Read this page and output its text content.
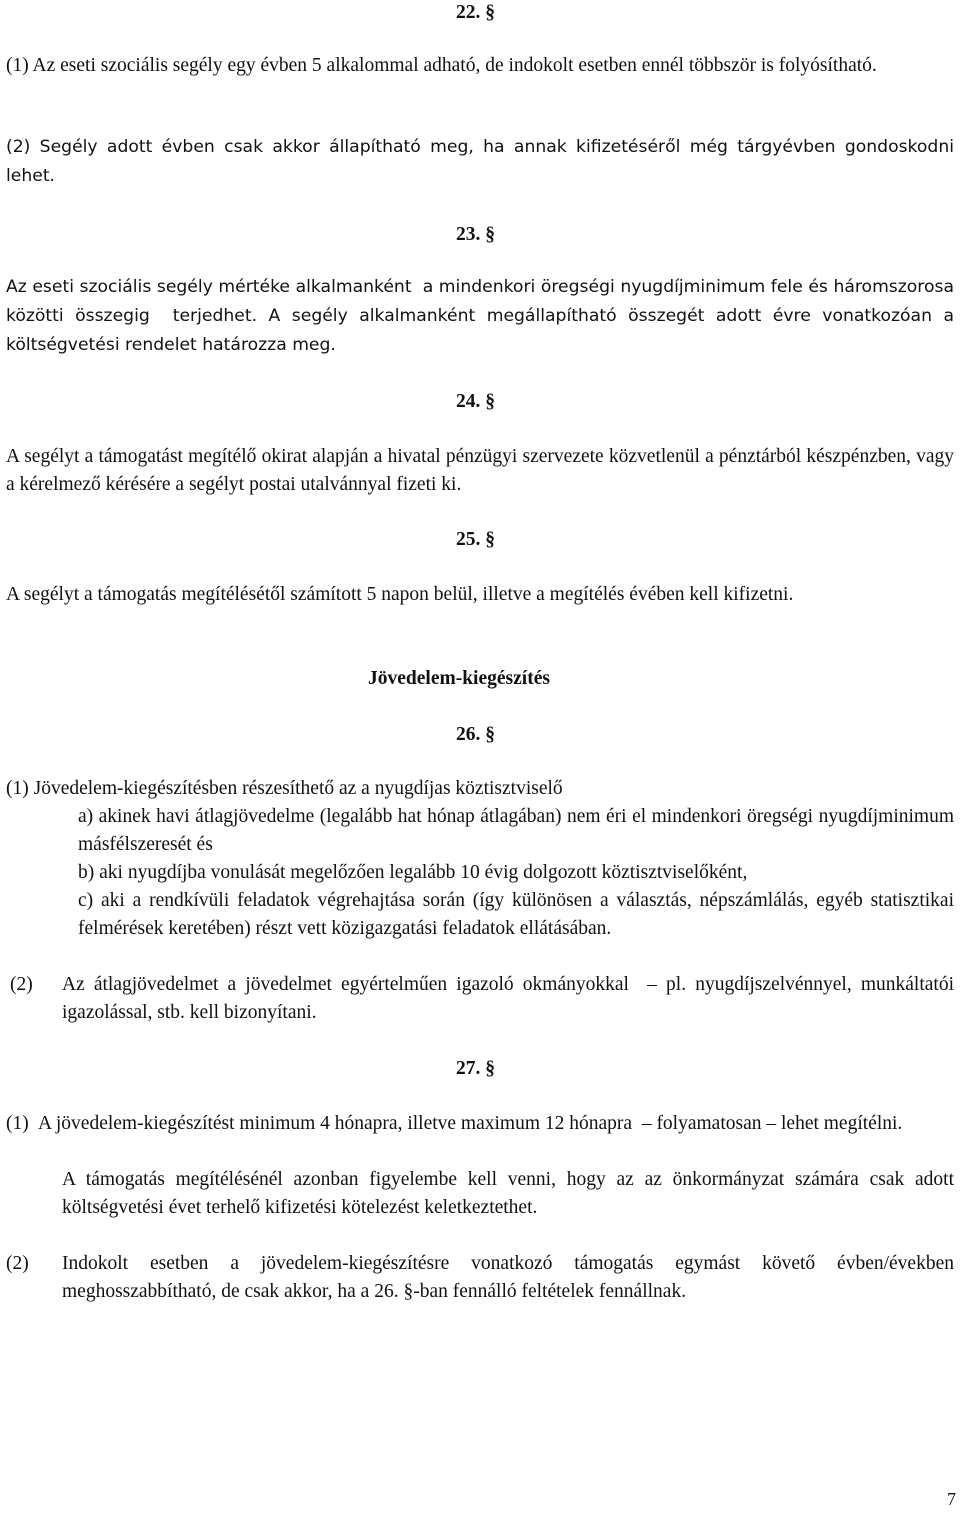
22. §

(1) Az eseti szociális segély egy évben 5 alkalommal adható, de indokolt esetben ennél többször is folyósítható.

(2) Segély adott évben csak akkor állapítható meg, ha annak kifizetéséről még tárgyévben gondoskodni lehet.

23. §

Az eseti szociális segély mértéke alkalmanként  a mindenkori öregségi nyugdíjminimum fele és háromszorosa közötti összegig  terjedhet. A segély alkalmanként megállapítható összegét adott évre vonatkozóan a költségvetési rendelet határozza meg.

24. §

A segélyt a támogatást megítélő okirat alapján a hivatal pénzügyi szervezete közvetlenül a pénztárból készpénzben, vagy a kérelmező kérésére a segélyt postai utalvánnyal fizeti ki.

25. §

A segélyt a támogatás megítélésétől számított 5 napon belül, illetve a megítélés évében kell kifizetni.

Jövedelem-kiegészítés
26. §

(1) Jövedelem-kiegészítésben részesíthető az a nyugdíjas köztisztviselő

a) akinek havi átlagjövedelme (legalább hat hónap átlagában) nem éri el mindenkori öregségi nyugdíjminimum másfélszeresét és

b) aki nyugdíjba vonulását megelőzően legalább 10 évig dolgozott köztisztviselőként,

c) aki a rendkívüli feladatok végrehajtása során (így különösen a választás, népszámlálás, egyéb statisztikai felmérések keretében) részt vett közigazgatási feladatok ellátásában.

(2) Az átlagjövedelmet a jövedelmet egyértelműen igazoló okmányokkal  – pl. nyugdíjszelvénnyel, munkáltatói igazolással, stb. kell bizonyítani.

27. §
(1) A jövedelem-kiegészítést minimum 4 hónapra, illetve maximum 12 hónapra  – folyamatosan – lehet megítélni.

A támogatás megítélésénél azonban figyelembe kell venni, hogy az az önkormányzat számára csak adott költségvetési évet terhelő kifizetési kötelezést keletkeztethet.

(2) Indokolt esetben a jövedelem-kiegészítésre vonatkozó támogatás egymást követő évben/években meghosszabbítható, de csak akkor, ha a 26. §-ban fennálló feltételek fennállnak.

7
